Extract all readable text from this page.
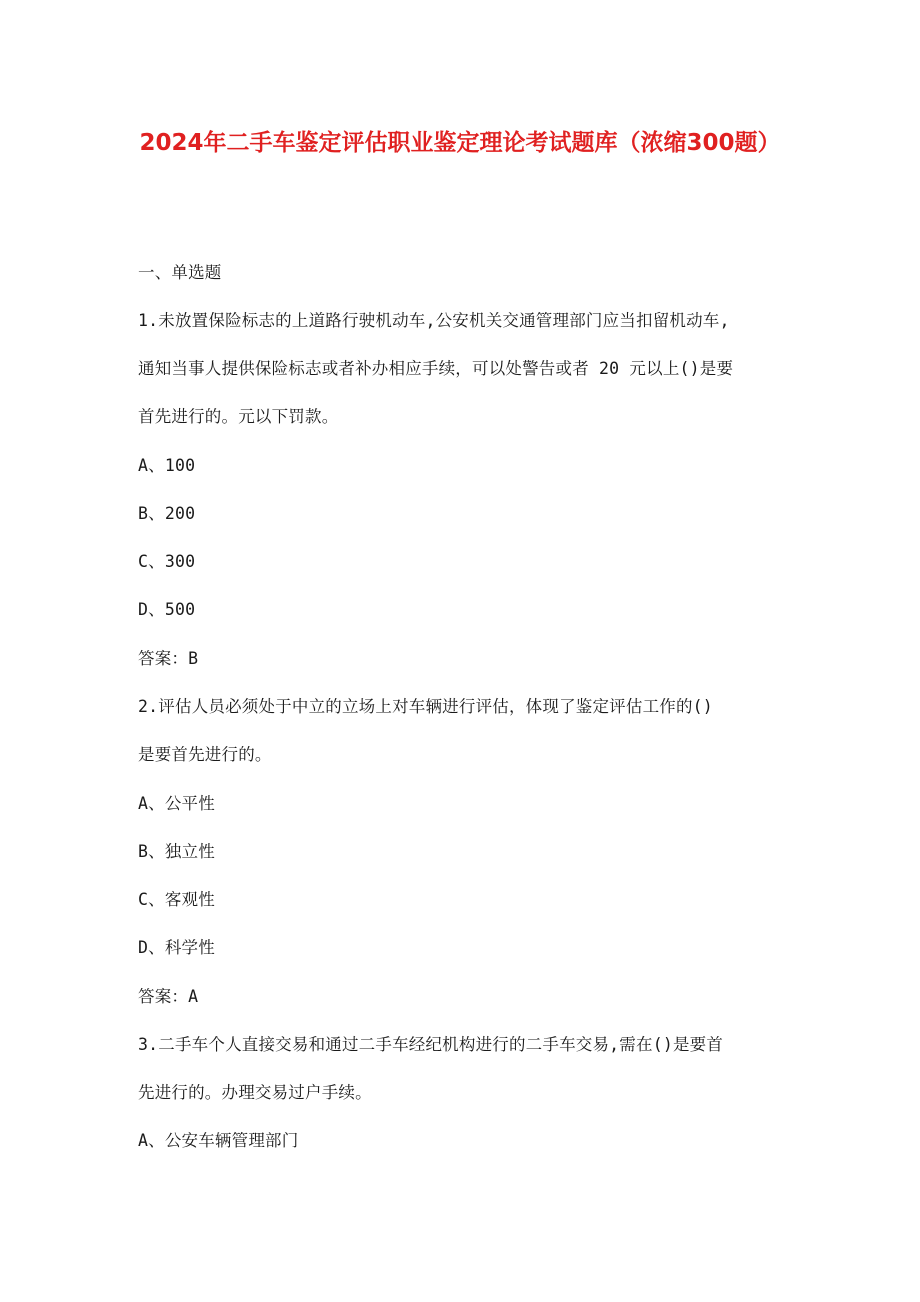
2024年二手车鉴定评估职业鉴定理论考试题库（浓缩300题）
一、单选题
1.未放置保险标志的上道路行驶机动车,公安机关交通管理部门应当扣留机动车,
通知当事人提供保险标志或者补办相应手续，可以处警告或者 20 元以上()是要
首先进行的。元以下罚款。
A、100
B、200
C、300
D、500
答案：B
2.评估人员必须处于中立的立场上对车辆进行评估，体现了鉴定评估工作的()
是要首先进行的。
A、公平性
B、独立性
C、客观性
D、科学性
答案：A
3.二手车个人直接交易和通过二手车经纪机构进行的二手车交易,需在()是要首
先进行的。办理交易过户手续。
A、公安车辆管理部门
